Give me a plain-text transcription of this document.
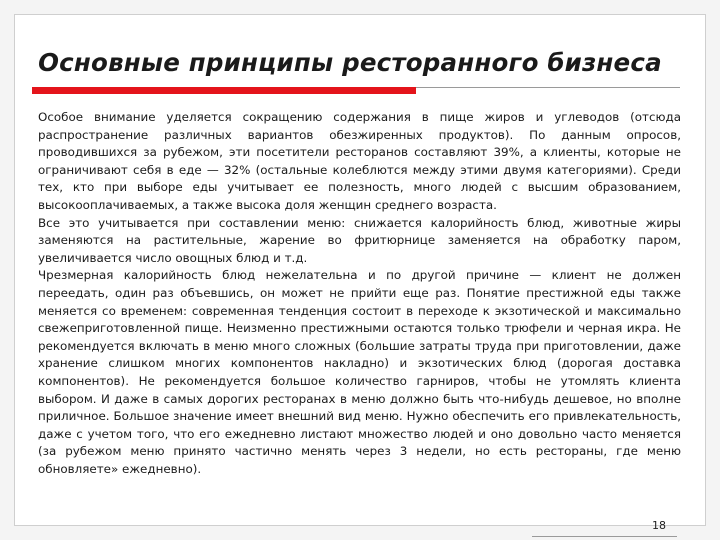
Основные принципы ресторанного бизнеса

Особое внимание уделяется сокращению содержания в пище жиров и углеводов (отсюда распространение различных вариантов обезжиренных продуктов). По данным опросов, проводившихся за рубежом, эти посетители ресторанов составляют 39%, а клиенты, которые не ограничивают себя в еде — 32% (остальные колеблются между этими двумя категориями). Среди тех, кто при выборе еды учитывает ее полезность, много людей с высшим образованием, высокооплачиваемых, а также высока доля женщин среднего возраста.

Все это учитывается при составлении меню: снижается калорийность блюд, животные жиры заменяются на растительные, жарение во фритюрнице заменяется на обработку паром, увеличивается число овощных блюд и т.д.

Чрезмерная калорийность блюд нежелательна и по другой причине — клиент не должен переедать, один раз объевшись, он может не прийти еще раз. Понятие престижной еды также меняется со временем: современная тенденция состоит в переходе к экзотической и максимально свежеприготовленной пище. Неизменно престижными остаются только трюфели и черная икра. Не рекомендуется включать в меню много сложных (большие затраты труда при приготовлении, даже хранение слишком многих компонентов накладно) и экзотических блюд (дорогая доставка компонентов). Не рекомендуется большое количество гарниров, чтобы не утомлять клиента выбором. И даже в самых дорогих ресторанах в меню должно быть что-нибудь дешевое, но вполне приличное. Большое значение имеет внешний вид меню. Нужно обеспечить его привлекательность, даже с учетом того, что его ежедневно листают множество людей и оно довольно часто меняется (за рубежом меню принято частично менять через 3 недели, но есть рестораны, где меню обновляете» ежедневно).

18
